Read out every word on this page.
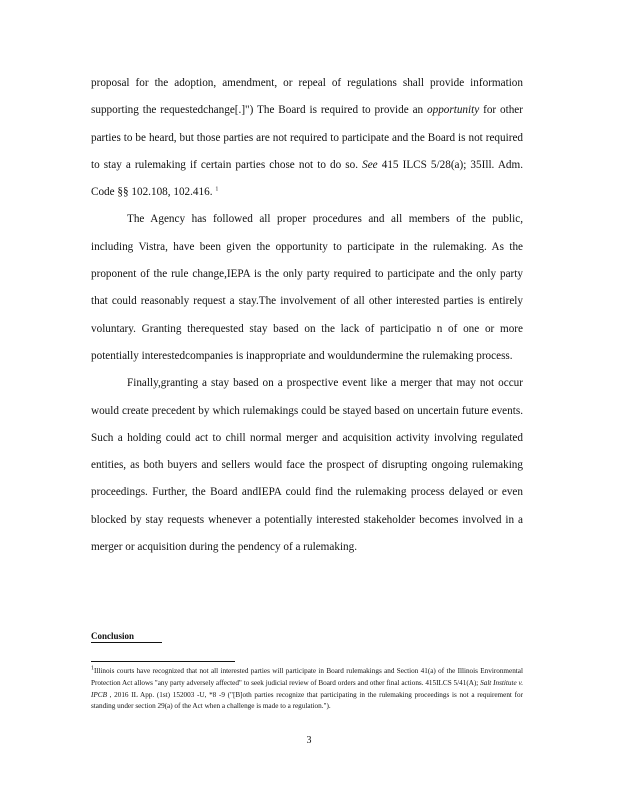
proposal for the adoption, amendment, or repeal of regulations shall provide information supporting the requestedchange[.]") The Board is required to provide an opportunity for other parties to be heard, but those parties are not required to participate and the Board is not required to stay a rulemaking if certain parties chose not to do so. See 415 ILCS 5/28(a); 35Ill. Adm. Code §§ 102.108, 102.416. $^1$

The Agency has followed all proper procedures and all members of the public, including Vistra, have been given the opportunity to participate in the rulemaking. As the proponent of the rule change,IEPA is the only party required to participate and the only party that could reasonably request a stay.The involvement of all other interested parties is entirely voluntary. Granting therequested stay based on the lack of participatio n of one or more potentially interestedcompanies is inappropriate and wouldundermine the rulemaking process.

Finally,granting a stay based on a prospective event like a merger that may not occur would create precedent by which rulemakings could be stayed based on uncertain future events. Such a holding could act to chill normal merger and acquisition activity involving regulated entities, as both buyers and sellers would face the prospect of disrupting ongoing rulemaking proceedings. Further, the Board andIEPA could find the rulemaking process delayed or even blocked by stay requests whenever a potentially interested stakeholder becomes involved in a merger or acquisition during the pendency of a rulemaking.

Conclusion

$^1$Illinois courts have recognized that not all interested parties will participate in Board rulemakings and Section 41(a) of the Illinois Environmental Protection Act allows "any party adversely affected" to seek judicial review of Board orders and other final actions. 415ILCS 5/41(A); Salt Institute v. IPCB , 2016 IL App. (1st) 152003 -U, *8 -9 ("[B]oth parties recognize that participating in the rulemaking proceedings is not a requirement for standing under section 29(a) of the Act when a challenge is made to a regulation.").

3
